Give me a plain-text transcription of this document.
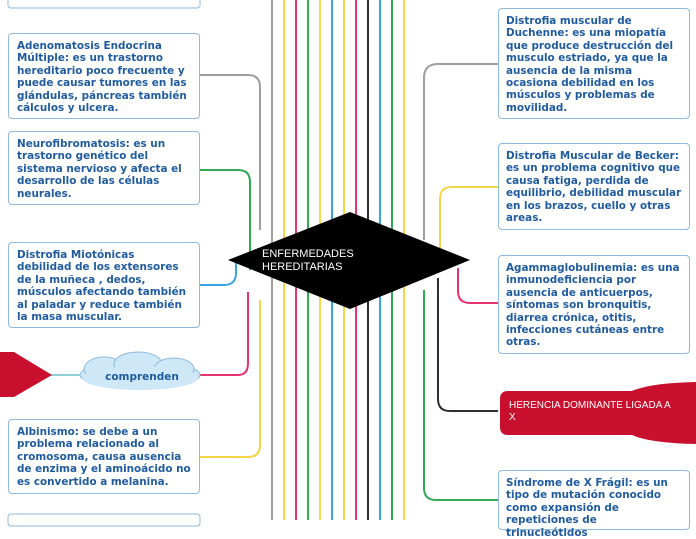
Adenomatosis Endocrina Múltiple: es un trastorno hereditario poco frecuente y puede causar tumores en las glándulas, páncreas también cálculos y ulcera.
Neurofibromatosis: es un trastorno genético del sistema nervioso y afecta el desarrollo de las células neurales.
Distrofia Miotónicas debilidad de los extensores de la muñeca , dedos, músculos afectando también al paladar y reduce también la masa muscular.
Albinismo: se debe a un problema relacionado al cromosoma, causa ausencia de enzima y el aminoácido no es convertido a melanina.
Distrofia muscular de Duchenne: es una miopatía que produce destrucción del musculo estriado, ya que la ausencia de la misma ocasiona debilidad en los músculos y problemas de movilidad.
Distrofia Muscular de Becker: es un problema cognitivo que causa fatiga, perdida de equilibrio, debilidad muscular en los brazos, cuello y otras areas.
Agammaglobulinemia: es una inmunodeficiencia por ausencia de anticuerpos, síntomas son bronquitis, diarrea crónica, otitis, infecciones cutáneas entre otras.
Síndrome de X Frágil: es un tipo de mutación conocido como expansión de repeticiones de trinucleótidos
ENFERMEDADES HEREDITARIAS
comprenden
HERENCIA DOMINANTE LIGADA A X
